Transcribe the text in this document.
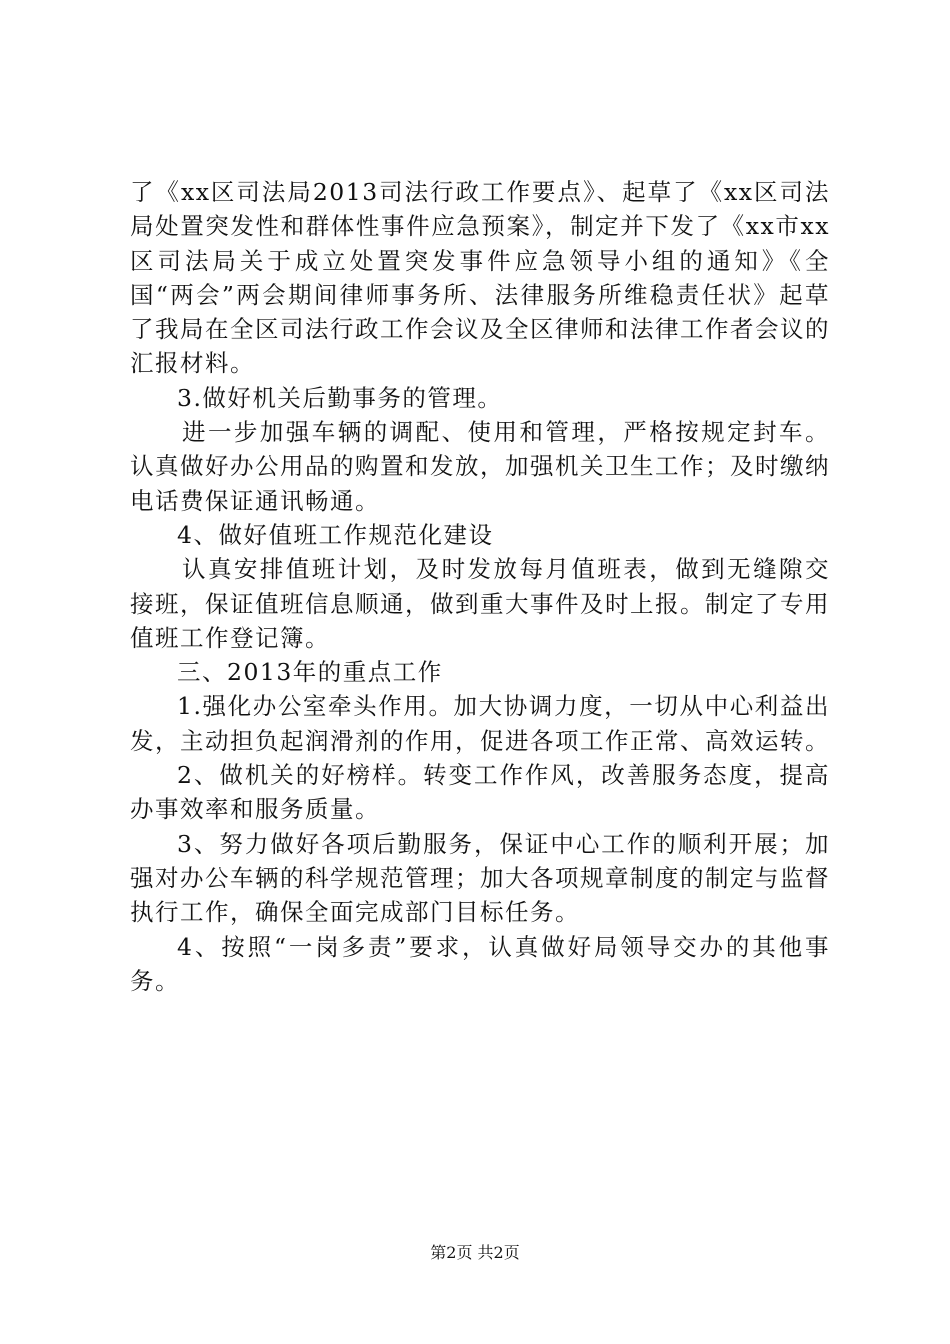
了《xx区司法局2013司法行政工作要点》、起草了《xx区司法局处置突发性和群体性事件应急预案》，制定并下发了《xx市xx区司法局关于成立处置突发事件应急领导小组的通知》《全国“两会”两会期间律师事务所、法律服务所维稳责任状》起草了我局在全区司法行政工作会议及全区律师和法律工作者会议的汇报材料。

3.做好机关后勤事务的管理。

进一步加强车辆的调配、使用和管理，严格按规定封车。认真做好办公用品的购置和发放，加强机关卫生工作；及时缴纳电话费保证通讯畅通。

4、做好值班工作规范化建设

认真安排值班计划，及时发放每月值班表，做到无缝隙交接班，保证值班信息顺通，做到重大事件及时上报。制定了专用值班工作登记簿。

三、2013年的重点工作

1.强化办公室牵头作用。加大协调力度，一切从中心利益出发，主动担负起润滑剂的作用，促进各项工作正常、高效运转。

2、做机关的好榜样。转变工作作风，改善服务态度，提高办事效率和服务质量。

3、努力做好各项后勤服务，保证中心工作的顺利开展；加强对办公车辆的科学规范管理；加大各项规章制度的制定与监督执行工作，确保全面完成部门目标任务。

4、按照“一岗多责”要求，认真做好局领导交办的其他事务。

第2页 共2页
